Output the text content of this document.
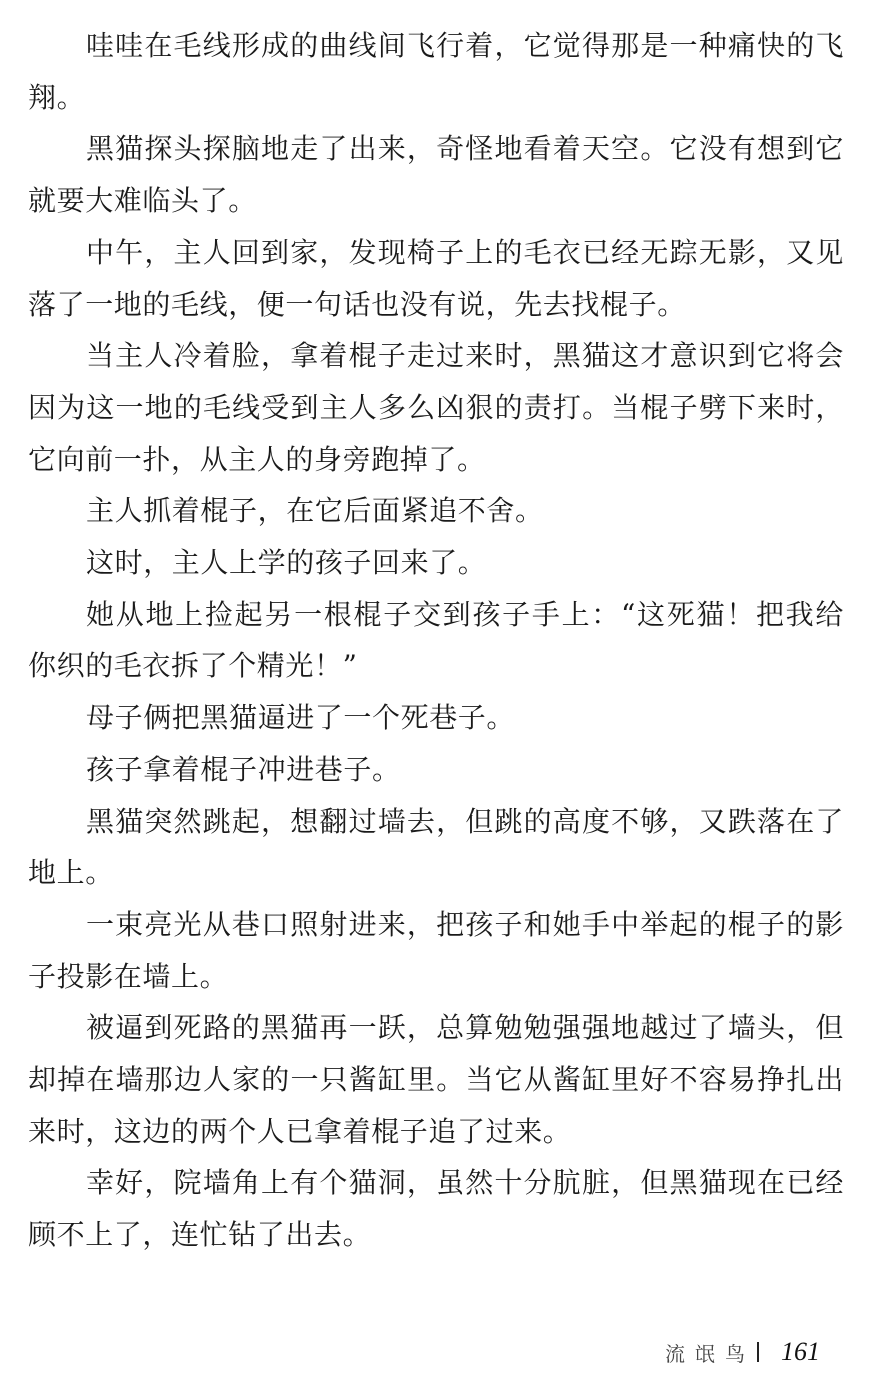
哇哇在毛线形成的曲线间飞行着，它觉得那是一种痛快的飞翔。

黑猫探头探脑地走了出来，奇怪地看着天空。它没有想到它就要大难临头了。

中午，主人回到家，发现椅子上的毛衣已经无踪无影，又见落了一地的毛线，便一句话也没有说，先去找棍子。

当主人冷着脸，拿着棍子走过来时，黑猫这才意识到它将会因为这一地的毛线受到主人多么凶狠的责打。当棍子劈下来时，它向前一扑，从主人的身旁跑掉了。

主人抓着棍子，在它后面紧追不舍。

这时，主人上学的孩子回来了。

她从地上捡起另一根棍子交到孩子手上：“这死猫！把我给你织的毛衣拆了个精光！”

母子俩把黑猫逼进了一个死巷子。

孩子拿着棍子冲进巷子。

黑猫突然跳起，想翻过墙去，但跳的高度不够，又跌落在了地上。

一束亮光从巷口照射进来，把孩子和她手中举起的棍子的影子投影在墙上。

被逼到死路的黑猫再一跃，总算勉勉强强地越过了墙头，但却掉在墙那边人家的一只酱缸里。当它从酱缸里好不容易挣扎出来时，这边的两个人已拿着棍子追了过来。

幸好，院墙角上有个猫洞，虽然十分肮脏，但黑猫现在已经顾不上了，连忙钻了出去。

流氓鸟 161
